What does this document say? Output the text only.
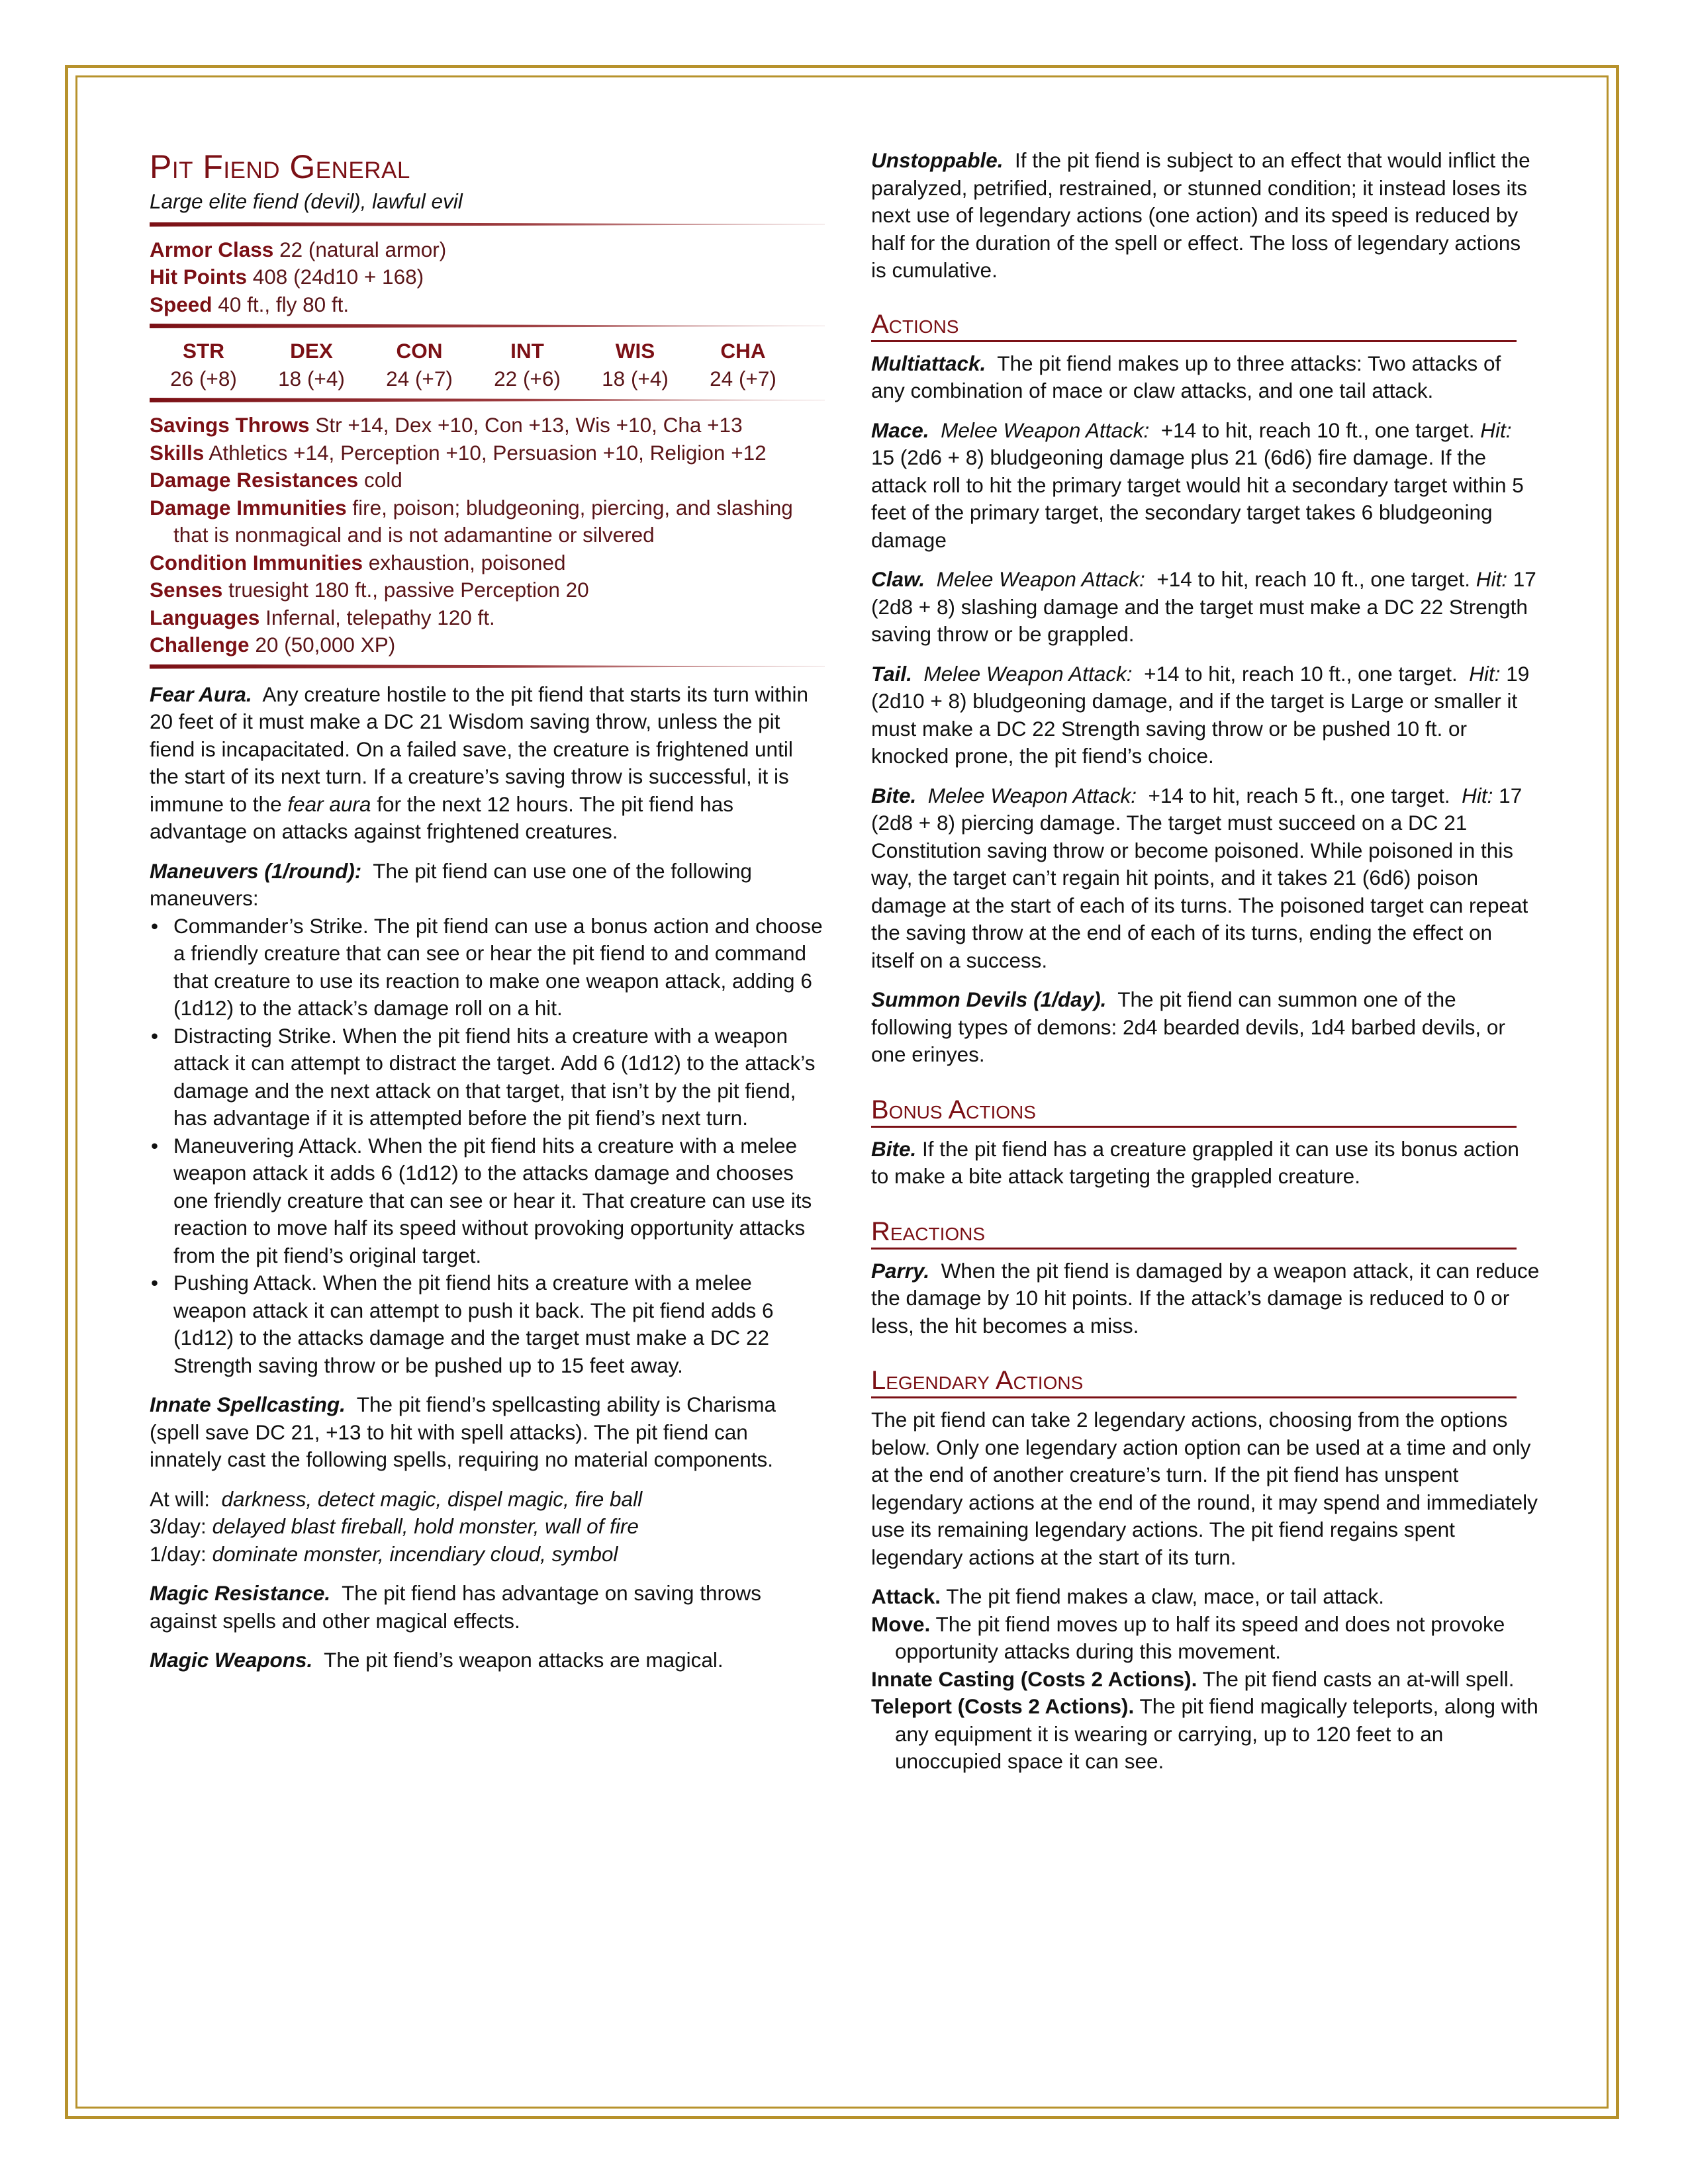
Pit Fiend General
Large elite fiend (devil), lawful evil
Armor Class 22 (natural armor)
Hit Points 408 (24d10 + 168)
Speed 40 ft., fly 80 ft.
STR	DEX	CON	INT	WIS	CHA
26 (+8)	18 (+4)	24 (+7)	22 (+6)	18 (+4)	24 (+7)
Savings Throws Str +14, Dex +10, Con +13, Wis +10, Cha +13
Skills Athletics +14, Perception +10, Persuasion +10, Religion +12
Damage Resistances cold
Damage Immunities fire, poison; bludgeoning, piercing, and slashing that is nonmagical and is not adamantine or silvered
Condition Immunities exhaustion, poisoned
Senses truesight 180 ft., passive Perception 20
Languages Infernal, telepathy 120 ft.
Challenge 20 (50,000 XP)

Fear Aura. Any creature hostile to the pit fiend that starts its turn within 20 feet of it must make a DC 21 Wisdom saving throw, unless the pit fiend is incapacitated. On a failed save, the creature is frightened until the start of its next turn. If a creature’s saving throw is successful, it is immune to the fear aura for the next 12 hours. The pit fiend has advantage on attacks against frightened creatures.

Maneuvers (1/round): The pit fiend can use one of the following maneuvers:

• Commander’s Strike. The pit fiend can use a bonus action and choose a friendly creature that can see or hear the pit fiend to and command that creature to use its reaction to make one weapon attack, adding 6 (1d12) to the attack’s damage roll on a hit.
• Distracting Strike. When the pit fiend hits a creature with a weapon attack it can attempt to distract the target. Add 6 (1d12) to the attack’s damage and the next attack on that target, that isn’t by the pit fiend, has advantage if it is attempted before the pit fiend’s next turn.
• Maneuvering Attack. When the pit fiend hits a creature with a melee weapon attack it adds 6 (1d12) to the attacks damage and chooses one friendly creature that can see or hear it. That creature can use its reaction to move half its speed without provoking opportunity attacks from the pit fiend’s original target.
• Pushing Attack. When the pit fiend hits a creature with a melee weapon attack it can attempt to push it back. The pit fiend adds 6 (1d12) to the attacks damage and the target must make a DC 22 Strength saving throw or be pushed up to 15 feet away.

Innate Spellcasting. The pit fiend’s spellcasting ability is Charisma (spell save DC 21, +13 to hit with spell attacks). The pit fiend can innately cast the following spells, requiring no material components.

At will: darkness, detect magic, dispel magic, fire ball
3/day: delayed blast fireball, hold monster, wall of fire
1/day: dominate monster, incendiary cloud, symbol

Magic Resistance. The pit fiend has advantage on saving throws against spells and other magical effects.

Magic Weapons. The pit fiend’s weapon attacks are magical.

Unstoppable. If the pit fiend is subject to an effect that would inflict the paralyzed, petrified, restrained, or stunned condition; it instead loses its next use of legendary actions (one action) and its speed is reduced by half for the duration of the spell or effect. The loss of legendary actions is cumulative.

Actions

Multiattack. The pit fiend makes up to three attacks: Two attacks of any combination of mace or claw attacks, and one tail attack.

Mace. Melee Weapon Attack: +14 to hit, reach 10 ft., one target. Hit: 15 (2d6 + 8) bludgeoning damage plus 21 (6d6) fire damage. If the attack roll to hit the primary target would hit a secondary target within 5 feet of the primary target, the secondary target takes 6 bludgeoning damage

Claw. Melee Weapon Attack: +14 to hit, reach 10 ft., one target. Hit: 17 (2d8 + 8) slashing damage and the target must make a DC 22 Strength saving throw or be grappled.

Tail. Melee Weapon Attack: +14 to hit, reach 10 ft., one target. Hit: 19 (2d10 + 8) bludgeoning damage, and if the target is Large or smaller it must make a DC 22 Strength saving throw or be pushed 10 ft. or knocked prone, the pit fiend’s choice.

Bite. Melee Weapon Attack: +14 to hit, reach 5 ft., one target. Hit: 17 (2d8 + 8) piercing damage. The target must succeed on a DC 21 Constitution saving throw or become poisoned. While poisoned in this way, the target can’t regain hit points, and it takes 21 (6d6) poison damage at the start of each of its turns. The poisoned target can repeat the saving throw at the end of each of its turns, ending the effect on itself on a success.

Summon Devils (1/day). The pit fiend can summon one of the following types of demons: 2d4 bearded devils, 1d4 barbed devils, or one erinyes.

Bonus Actions

Bite. If the pit fiend has a creature grappled it can use its bonus action to make a bite attack targeting the grappled creature.

Reactions

Parry. When the pit fiend is damaged by a weapon attack, it can reduce the damage by 10 hit points. If the attack’s damage is reduced to 0 or less, the hit becomes a miss.

Legendary Actions

The pit fiend can take 2 legendary actions, choosing from the options below. Only one legendary action option can be used at a time and only at the end of another creature’s turn. If the pit fiend has unspent legendary actions at the end of the round, it may spend and immediately use its remaining legendary actions. The pit fiend regains spent legendary actions at the start of its turn.

Attack. The pit fiend makes a claw, mace, or tail attack.
Move. The pit fiend moves up to half its speed and does not provoke opportunity attacks during this movement.
Innate Casting (Costs 2 Actions). The pit fiend casts an at-will spell.
Teleport (Costs 2 Actions). The pit fiend magically teleports, along with any equipment it is wearing or carrying, up to 120 feet to an unoccupied space it can see.
